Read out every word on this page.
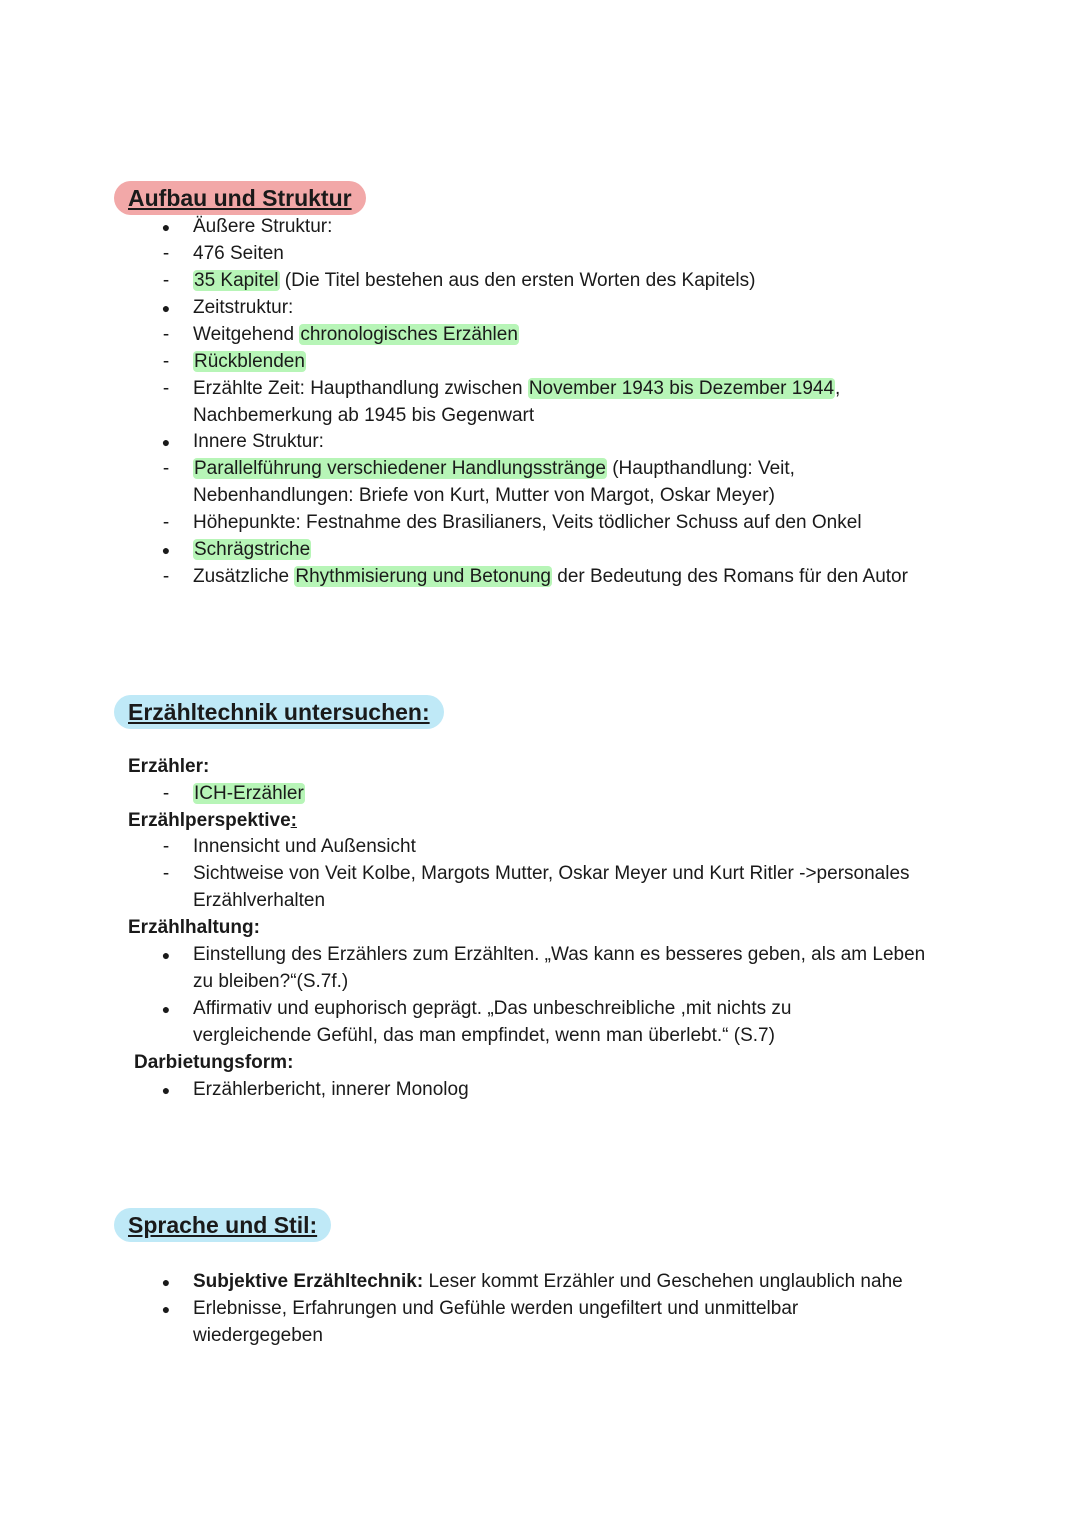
Aufbau und Struktur
●	Äußere Struktur:
-	476 Seiten
-	35 Kapitel (Die Titel bestehen aus den ersten Worten des Kapitels)
●	Zeitstruktur:
-	Weitgehend chronologisches Erzählen
-	Rückblenden
-	Erzählte Zeit: Haupthandlung zwischen November 1943 bis Dezember 1944,
Nachbemerkung ab 1945 bis Gegenwart
●	Innere Struktur:
-	Parallelführung verschiedener Handlungsstränge (Haupthandlung: Veit,
Nebenhandlungen: Briefe von Kurt, Mutter von Margot, Oskar Meyer)
-	Höhepunkte: Festnahme des Brasilianers, Veits tödlicher Schuss auf den Onkel
●	Schrägstriche
-	Zusätzliche Rhythmisierung und Betonung der Bedeutung des Romans für den Autor
Erzähltechnik untersuchen:
Erzähler:
-	ICH-Erzähler
Erzählperspektive:
-	Innensicht und Außensicht
-	Sichtweise von Veit Kolbe, Margots Mutter, Oskar Meyer und Kurt Ritler ->personales
Erzählverhalten
Erzählhaltung:
●	Einstellung des Erzählers zum Erzählten. „Was kann es besseres geben, als am Leben
zu bleiben?“(S.7f.)
●	Affirmativ und euphorisch geprägt. „Das unbeschreibliche ,mit nichts zu
vergleichende Gefühl, das man empfindet, wenn man überlebt.“ (S.7)
Darbietungsform:
●	Erzählerbericht, innerer Monolog
Sprache und Stil:
●	Subjektive Erzähltechnik: Leser kommt Erzähler und Geschehen unglaublich nahe
●	Erlebnisse, Erfahrungen und Gefühle werden ungefiltert und unmittelbar
wiedergegeben
